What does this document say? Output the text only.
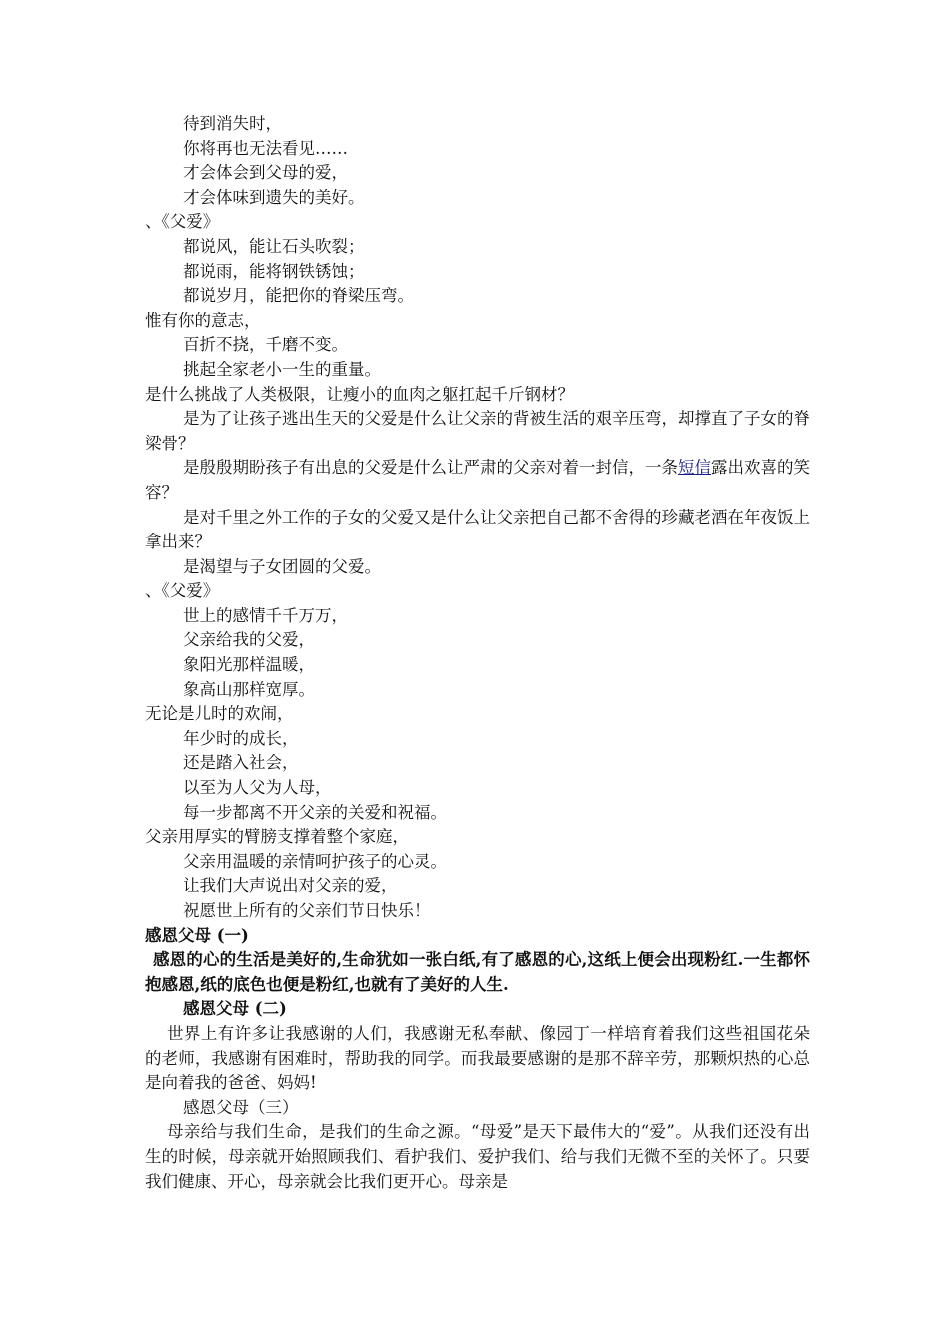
待到消失时，

你将再也无法看见……

才会体会到父母的爱，

才会体味到遗失的美好。

、《父爱》

都说风，能让石头吹裂；

都说雨，能将钢铁锈蚀；

都说岁月，能把你的脊梁压弯。

惟有你的意志，

百折不挠，千磨不变。

挑起全家老小一生的重量。

是什么挑战了人类极限，让瘦小的血肉之躯扛起千斤钢材？

是为了让孩子逃出生天的父爱是什么让父亲的背被生活的艰辛压弯，却撑直了子女的脊梁骨？

是殷殷期盼孩子有出息的父爱是什么让严肃的父亲对着一封信，一条短信露出欢喜的笑容？

是对千里之外工作的子女的父爱又是什么让父亲把自己都不舍得的珍藏老酒在年夜饭上拿出来？

是渴望与子女团圆的父爱。

、《父爱》

世上的感情千千万万，

父亲给我的父爱，

象阳光那样温暖，

象高山那样宽厚。

无论是儿时的欢闹，

年少时的成长，

还是踏入社会，

以至为人父为人母，

每一步都离不开父亲的关爱和祝福。

父亲用厚实的臂膀支撑着整个家庭，

父亲用温暖的亲情呵护孩子的心灵。

让我们大声说出对父亲的爱，

祝愿世上所有的父亲们节日快乐！

感恩父母 (一)

感恩的心的生活是美好的,生命犹如一张白纸,有了感恩的心,这纸上便会出现粉红.一生都怀抱感恩,纸的底色也便是粉红,也就有了美好的人生.

感恩父母 (二)

世界上有许多让我感谢的人们，我感谢无私奉献、像园丁一样培育着我们这些祖国花朵的老师，我感谢有困难时，帮助我的同学。而我最要感谢的是那不辞辛劳，那颗炽热的心总是向着我的爸爸、妈妈!

感恩父母（三）

母亲给与我们生命，是我们的生命之源。“母爱”是天下最伟大的“爱”。从我们还没有出生的时候，母亲就开始照顾我们、看护我们、爱护我们、给与我们无微不至的关怀了。只要我们健康、开心，母亲就会比我们更开心。母亲是
